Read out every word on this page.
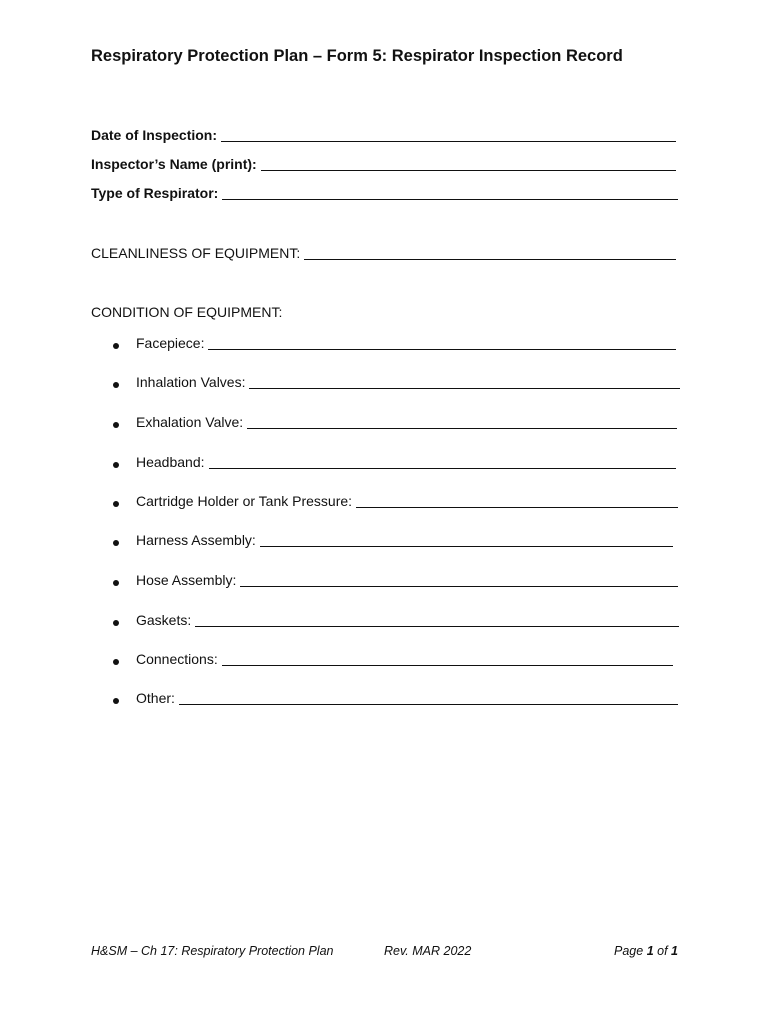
Respiratory Protection Plan – Form 5: Respirator Inspection Record
Date of Inspection:
Inspector’s Name (print):
Type of Respirator:
CLEANLINESS OF EQUIPMENT:
CONDITION OF EQUIPMENT:
Facepiece:
Inhalation Valves:
Exhalation Valve:
Headband:
Cartridge Holder or Tank Pressure:
Harness Assembly:
Hose Assembly:
Gaskets:
Connections:
Other:
H&SM – Ch 17: Respiratory Protection Plan	Rev. MAR 2022	Page 1 of 1
